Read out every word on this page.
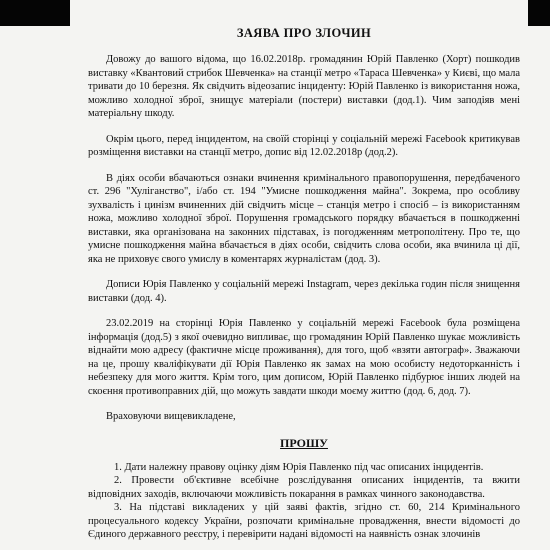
ЗАЯВА ПРО ЗЛОЧИН

Довожу до вашого відома, що 16.02.2018р. громадянин Юрій Павленко (Хорт) пошкодив виставку «Квантовий стрибок Шевченка» на станції метро «Тараса Шевченка» у Києві, що мала тривати до 10 березня. Як свідчить відеозапис інциденту: Юрій Павленко із використання ножа, можливо холодної зброї, знищує матеріали (постери) виставки (дод.1). Чим заподіяв мені матеріальну шкоду.

Окрім цього, перед інцидентом, на своїй сторінці у соціальній мережі Facebook критикував розміщення виставки на станції метро, допис від 12.02.2018р (дод.2).

В діях особи вбачаються ознаки вчинення кримінального правопорушення, передбаченого ст. 296 "Хуліганство", і/або ст. 194 "Умисне пошкодження майна". Зокрема, про особливу зухвалість і цинізм вчиненних дій свідчить місце – станція метро і спосіб – із використанням ножа, можливо холодної зброї. Порушення громадського порядку вбачається в пошкодженні виставки, яка організована на законних підставах, із погодженням метрополітену. Про те, що умисне пошкодження майна вбачається в діях особи, свідчить слова особи, яка вчинила ці дії, яка не приховує свого умислу в коментарях журналістам (дод. 3).

Дописи Юрія Павленко у соціальній мережі Instagram, через декілька годин після знищення виставки (дод. 4).

23.02.2019 на сторінці Юрія Павленко у соціальній мережі Facebook була розміщена інформація (дод.5) з якої очевидно випливає, що громадянин Юрій Павленко шукає можливість віднайти мою адресу (фактичне місце проживання), для того, щоб «взяти автограф». Зважаючи на це, прошу кваліфікувати дії Юрія Павленко як замах на мою особисту недоторканність і небезпеку для мого життя. Крім того, цим дописом, Юрій Павленко підбурює інших людей на скоєння противоправних дій, що можуть завдати шкоди моєму життю (дод. 6, дод. 7).

Враховуючи вищевикладене,

ПРОШУ
1. Дати належну правову оцінку діям Юрія Павленко під час описаних інцидентів.
2. Провести об'єктивне всебічне розслідування описаних інцидентів, та вжити відповідних заходів, включаючи можливість покарання в рамках чинного законодавства.
3. На підставі викладених у цій заяві фактів, згідно ст. 60, 214 Кримінального процесуального кодексу України, розпочати кримінальне провадження, внести відомості до Єдиного державного реєстру, і перевірити надані відомості на наявність ознак злочинів
